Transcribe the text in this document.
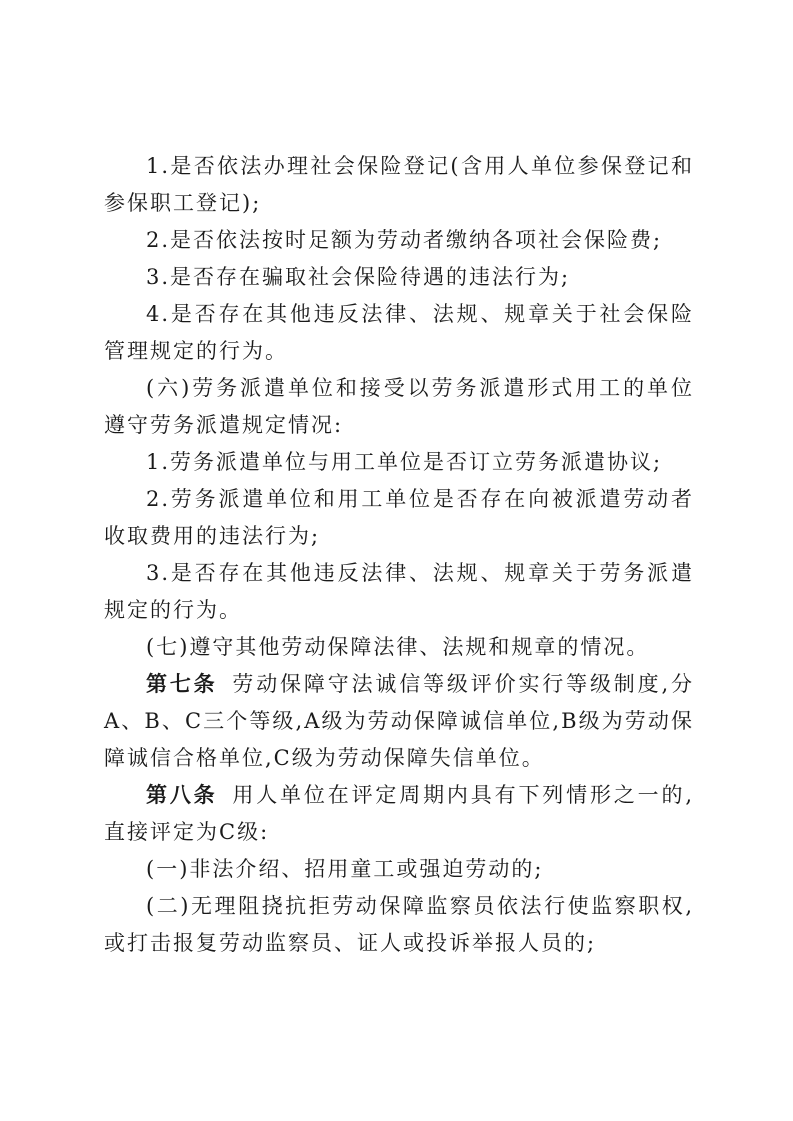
1.是否依法办理社会保险登记(含用人单位参保登记和参保职工登记);

2.是否依法按时足额为劳动者缴纳各项社会保险费;

3.是否存在骗取社会保险待遇的违法行为;

4.是否存在其他违反法律、法规、规章关于社会保险管理规定的行为。

(六)劳务派遣单位和接受以劳务派遣形式用工的单位遵守劳务派遣规定情况:

1.劳务派遣单位与用工单位是否订立劳务派遣协议;

2.劳务派遣单位和用工单位是否存在向被派遣劳动者收取费用的违法行为;

3.是否存在其他违反法律、法规、规章关于劳务派遣规定的行为。

(七)遵守其他劳动保障法律、法规和规章的情况。

第七条 劳动保障守法诚信等级评价实行等级制度,分A、B、C三个等级,A级为劳动保障诚信单位,B级为劳动保障诚信合格单位,C级为劳动保障失信单位。

第八条 用人单位在评定周期内具有下列情形之一的,直接评定为C级:

(一)非法介绍、招用童工或强迫劳动的;

(二)无理阻挠抗拒劳动保障监察员依法行使监察职权,或打击报复劳动监察员、证人或投诉举报人员的;
